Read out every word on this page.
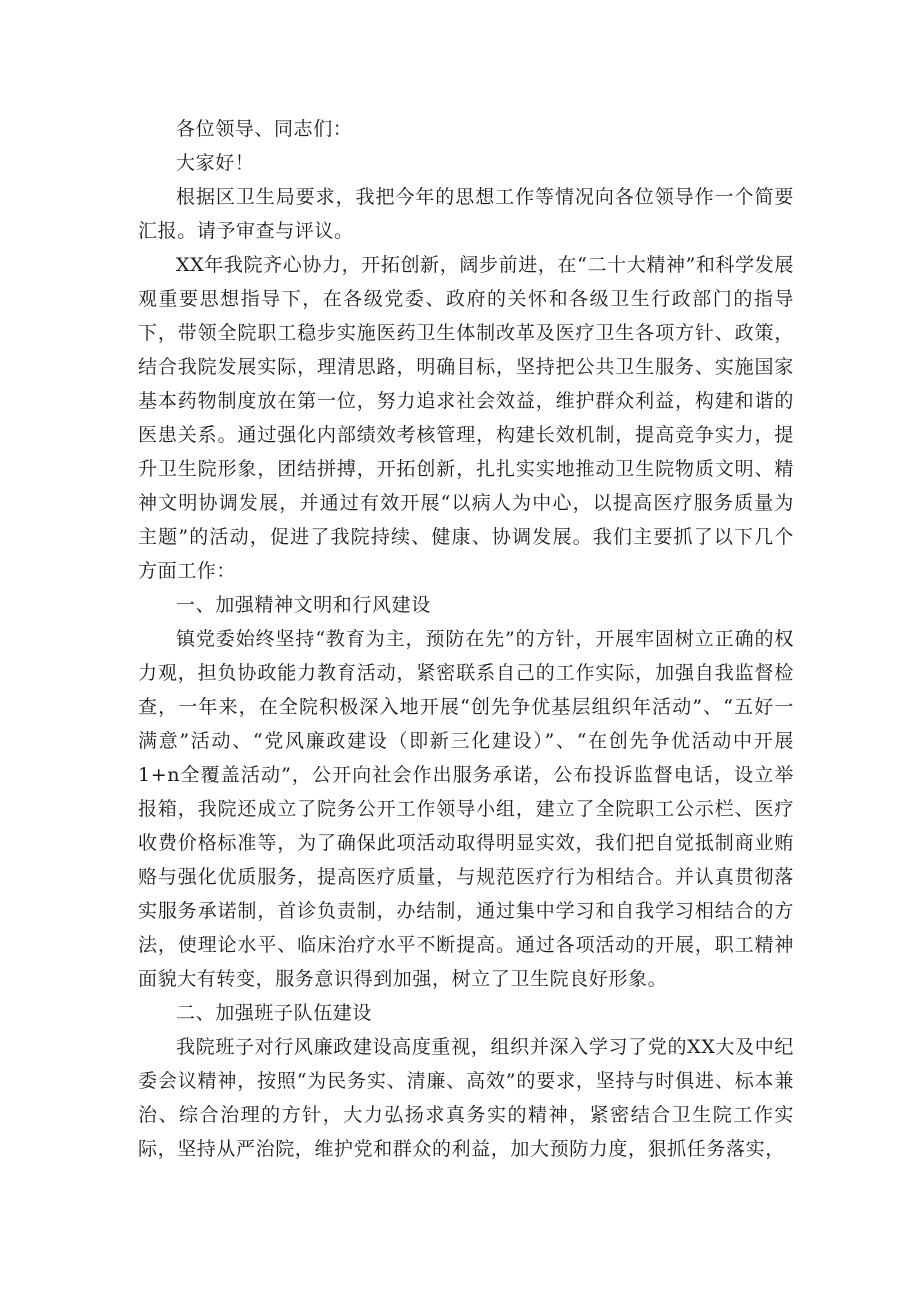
各位领导、同志们：

大家好！

根据区卫生局要求，我把今年的思想工作等情况向各位领导作一个简要汇报。请予审查与评议。

XX年我院齐心协力，开拓创新，阔步前进，在“二十大精神”和科学发展观重要思想指导下，在各级党委、政府的关怀和各级卫生行政部门的指导下，带领全院职工稳步实施医药卫生体制改革及医疗卫生各项方针、政策，结合我院发展实际，理清思路，明确目标，坚持把公共卫生服务、实施国家基本药物制度放在第一位，努力追求社会效益，维护群众利益，构建和谐的医患关系。通过强化内部绩效考核管理，构建长效机制，提高竞争实力，提升卫生院形象，团结拼搏，开拓创新，扎扎实实地推动卫生院物质文明、精神文明协调发展，并通过有效开展“以病人为中心，以提高医疗服务质量为主题”的活动，促进了我院持续、健康、协调发展。我们主要抓了以下几个方面工作：

一、加强精神文明和行风建设

镇党委始终坚持“教育为主，预防在先”的方针，开展牢固树立正确的权力观，担负协政能力教育活动，紧密联系自己的工作实际，加强自我监督检查，一年来，在全院积极深入地开展“创先争优基层组织年活动”、“五好一满意”活动、“党风廉政建设（即新三化建设）”、“在创先争优活动中开展1+n全覆盖活动”，公开向社会作出服务承诺，公布投诉监督电话，设立举报箱，我院还成立了院务公开工作领导小组，建立了全院职工公示栏、医疗收费价格标准等，为了确保此项活动取得明显实效，我们把自觉抵制商业贿赂与强化优质服务，提高医疗质量，与规范医疗行为相结合。并认真贯彻落实服务承诺制，首诊负责制，办结制，通过集中学习和自我学习相结合的方法，使理论水平、临床治疗水平不断提高。通过各项活动的开展，职工精神面貌大有转变，服务意识得到加强，树立了卫生院良好形象。

二、加强班子队伍建设

我院班子对行风廉政建设高度重视，组织并深入学习了党的XX大及中纪委会议精神，按照“为民务实、清廉、高效”的要求，坚持与时俱进、标本兼治、综合治理的方针，大力弘扬求真务实的精神，紧密结合卫生院工作实际，坚持从严治院，维护党和群众的利益，加大预防力度，狠抓任务落实，
